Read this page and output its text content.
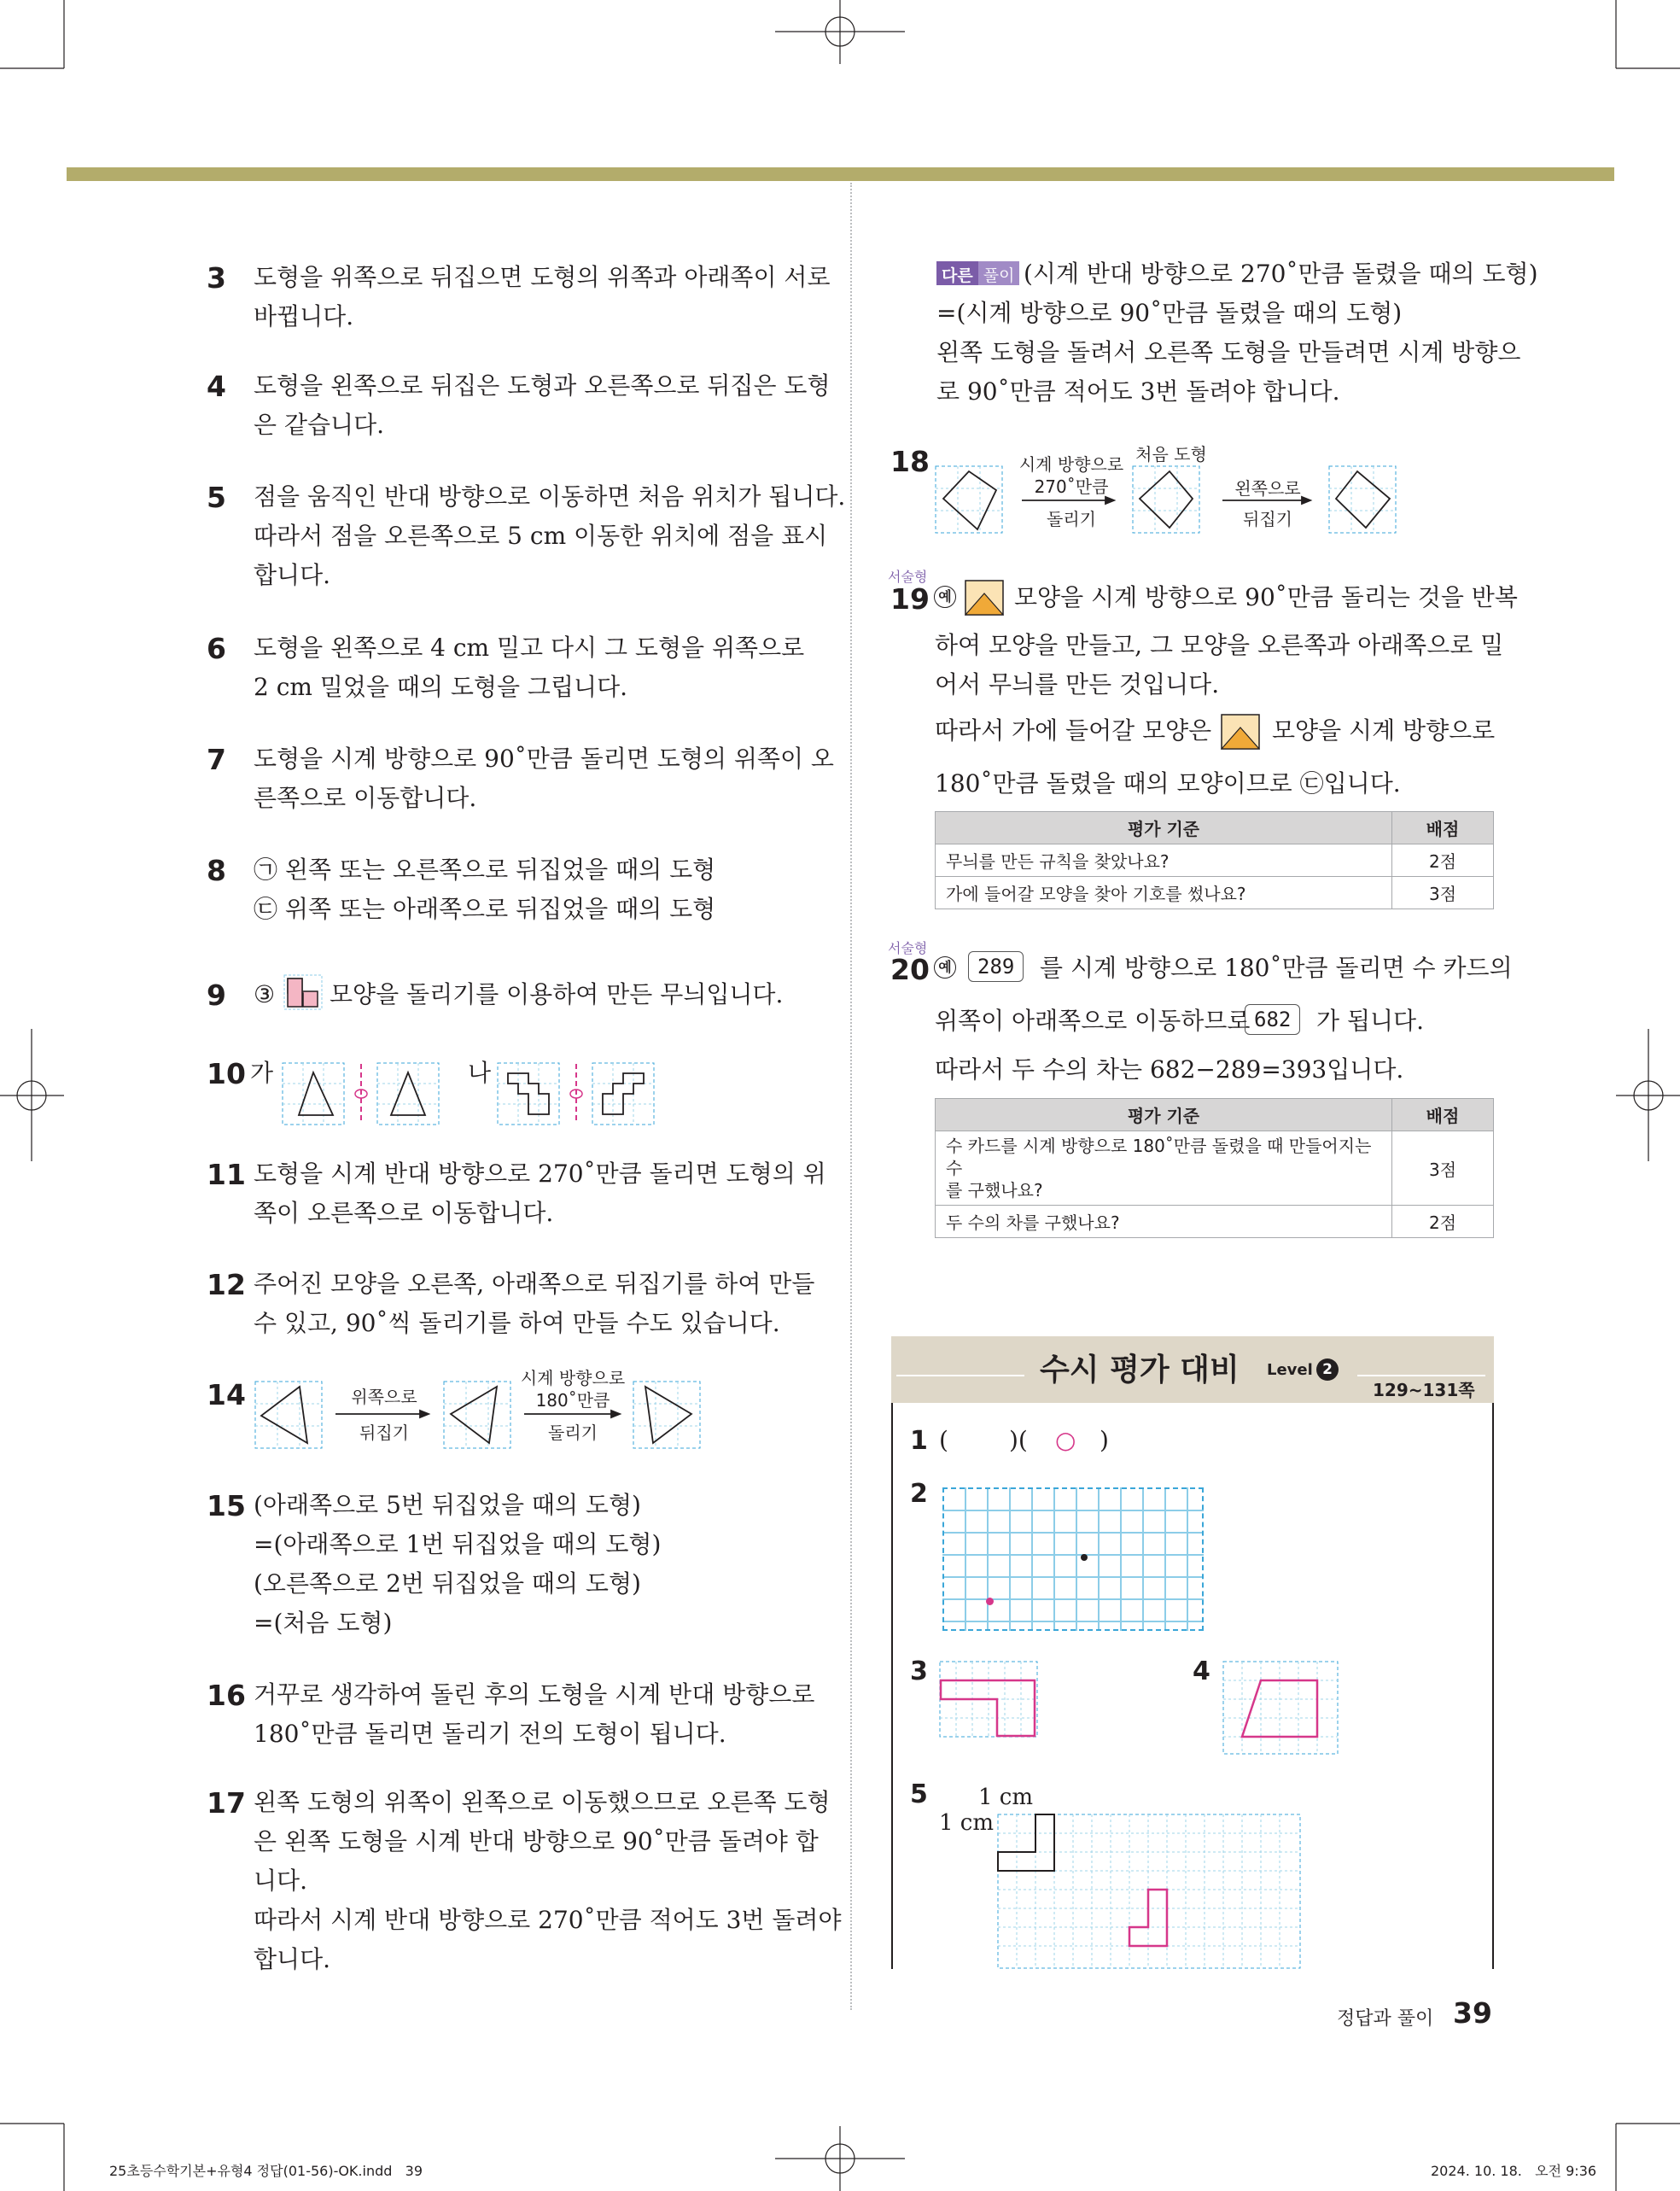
3 도형을 위쪽으로 뒤집으면 도형의 위쪽과 아래쪽이 서로
바뀝니다.
4 도형을 왼쪽으로 뒤집은 도형과 오른쪽으로 뒤집은 도형
은 같습니다.
5 점을 움직인 반대 방향으로 이동하면 처음 위치가 됩니다.
따라서 점을 오른쪽으로 5 cm 이동한 위치에 점을 표시
합니다.
6 도형을 왼쪽으로 4 cm 밀고 다시 그 도형을 위쪽으로
2 cm 밀었을 때의 도형을 그립니다.
7 도형을 시계 방향으로 90˚만큼 돌리면 도형의 위쪽이 오
른쪽으로 이동합니다.
8 ㉠ 왼쪽 또는 오른쪽으로 뒤집었을 때의 도형
㉢ 위쪽 또는 아래쪽으로 뒤집었을 때의 도형
9 ③ 모양을 돌리기를 이용하여 만든 무늬입니다.
10 가	나
11 도형을 시계 반대 방향으로 270˚만큼 돌리면 도형의 위
쪽이 오른쪽으로 이동합니다.
12 주어진 모양을 오른쪽, 아래쪽으로 뒤집기를 하여 만들
수 있고, 90˚씩 돌리기를 하여 만들 수도 있습니다.
14	위쪽으로
뒤집기
시계 방향으로
180˚만큼
돌리기
15 (아래쪽으로 5번 뒤집었을 때의 도형)
=(아래쪽으로 1번 뒤집었을 때의 도형)
(오른쪽으로 2번 뒤집었을 때의 도형)
=(처음 도형)
16 거꾸로 생각하여 돌린 후의 도형을 시계 반대 방향으로
180˚만큼 돌리면 돌리기 전의 도형이 됩니다.
17 왼쪽 도형의 위쪽이 왼쪽으로 이동했으므로 오른쪽 도형
은 왼쪽 도형을 시계 반대 방향으로 90˚만큼 돌려야 합
니다.
따라서 시계 반대 방향으로 270˚만큼 적어도 3번 돌려야
합니다.
다른 풀이 (시계 반대 방향으로 270˚만큼 돌렸을 때의 도형)
=(시계 방향으로 90˚만큼 돌렸을 때의 도형)
왼쪽 도형을 돌려서 오른쪽 도형을 만들려면 시계 방향으
로 90˚만큼 적어도 3번 돌려야 합니다.
18	시계 방향으로
270˚만큼
돌리기
처음 도형
왼쪽으로
뒤집기
서술형
19 예	모양을 시계 방향으로 90˚만큼 돌리는 것을 반복
하여 모양을 만들고, 그 모양을 오른쪽과 아래쪽으로 밀
어서 무늬를 만든 것입니다.
따라서 가에 들어갈 모양은	모양을 시계 방향으로
180˚만큼 돌렸을 때의 모양이므로 ㉢입니다.
평가 기준	배점
무늬를 만든 규칙을 찾았나요?	2점
가에 들어갈 모양을 찾아 기호를 썼나요?	3점
서술형
20 예	289	를 시계 방향으로 180˚만큼 돌리면 수 카드의
위쪽이 아래쪽으로 이동하므로 682	가 됩니다.
따라서 두 수의 차는 682−289=393입니다.
평가 기준	배점
수 카드를 시계 방향으로 180˚만큼 돌렸을 때 만들어지는 수
를 구했나요?	3점
두 수의 차를 구했나요?	2점
수시 평가 대비 Level 2
129~131쪽
1 (	)( ○ )
2
3	4
5 1 cm
1 cm
정답과 풀이 39
25초등수학기본+유형4 정답(01-56)-OK.indd   39	2024. 10. 18.   오전 9:36
